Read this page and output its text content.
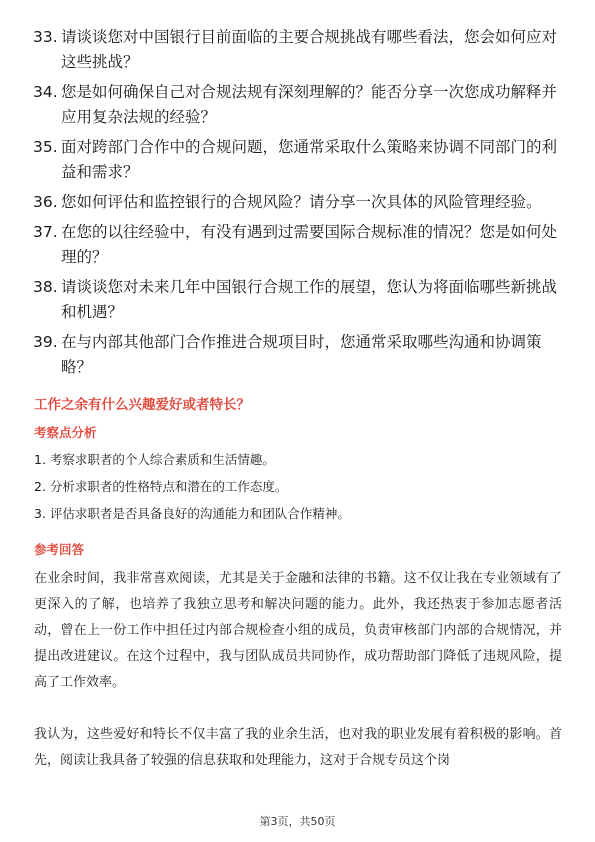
33. 请谈谈您对中国银行目前面临的主要合规挑战有哪些看法，您会如何应对这些挑战？
34. 您是如何确保自己对合规法规有深刻理解的？能否分享一次您成功解释并应用复杂法规的经验？
35. 面对跨部门合作中的合规问题，您通常采取什么策略来协调不同部门的利益和需求？
36. 您如何评估和监控银行的合规风险？请分享一次具体的风险管理经验。
37. 在您的以往经验中，有没有遇到过需要国际合规标准的情况？您是如何处理的？
38. 请谈谈您对未来几年中国银行合规工作的展望，您认为将面临哪些新挑战和机遇？
39. 在与内部其他部门合作推进合规项目时，您通常采取哪些沟通和协调策略？
工作之余有什么兴趣爱好或者特长？
考察点分析
1. 考察求职者的个人综合素质和生活情趣。
2. 分析求职者的性格特点和潜在的工作态度。
3. 评估求职者是否具备良好的沟通能力和团队合作精神。
参考回答

在业余时间，我非常喜欢阅读，尤其是关于金融和法律的书籍。这不仅让我在专业领域有了更深入的了解，也培养了我独立思考和解决问题的能力。此外，我还热衷于参加志愿者活动，曾在上一份工作中担任过内部合规检查小组的成员，负责审核部门内部的合规情况，并提出改进建议。在这个过程中，我与团队成员共同协作，成功帮助部门降低了违规风险，提高了工作效率。

我认为，这些爱好和特长不仅丰富了我的业余生活，也对我的职业发展有着积极的影响。首先，阅读让我具备了较强的信息获取和处理能力，这对于合规专员这个岗

第3页，共50页
